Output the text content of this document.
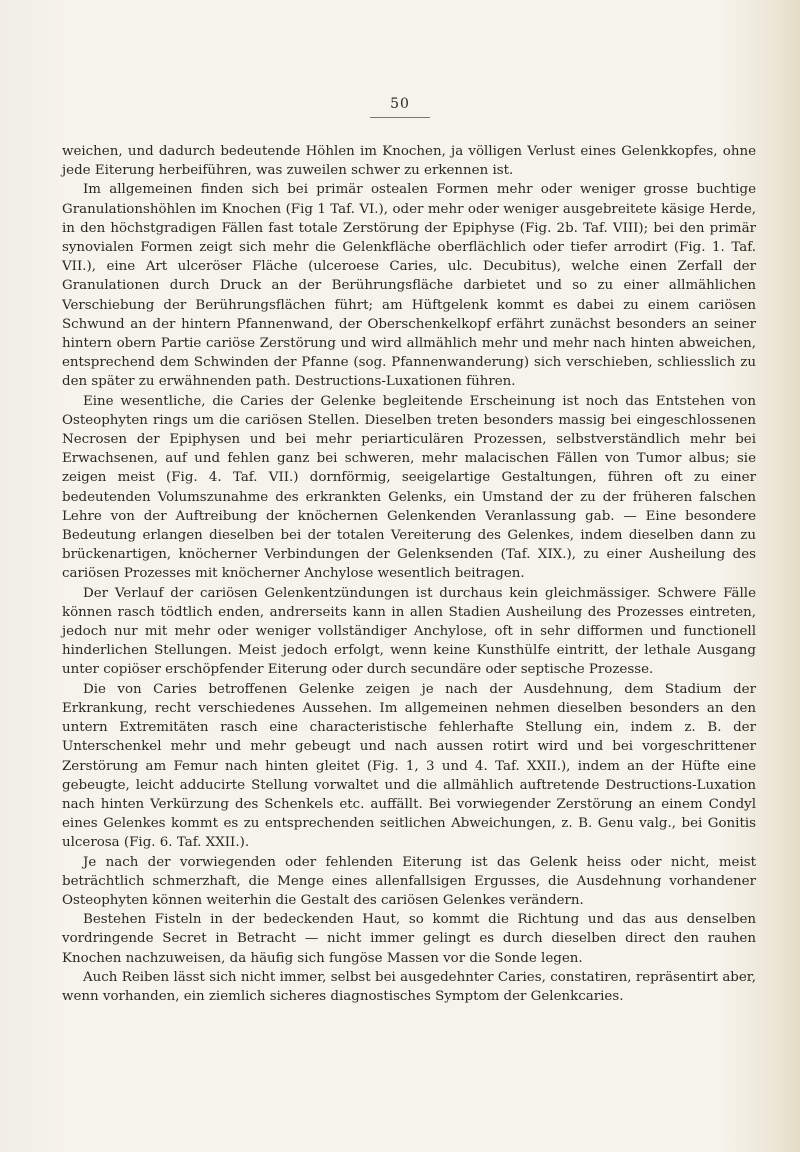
50

weichen, und dadurch bedeutende Höhlen im Knochen, ja völligen Verlust eines Gelenkkopfes, ohne jede Eiterung herbeiführen, was zuweilen schwer zu erkennen ist.

Im allgemeinen finden sich bei primär ostealen Formen mehr oder weniger grosse buchtige Granulationshöhlen im Knochen (Fig 1 Taf. VI.), oder mehr oder weniger ausgebreitete käsige Herde, in den höchstgradigen Fällen fast totale Zerstörung der Epiphyse (Fig. 2b. Taf. VIII); bei den primär synovialen Formen zeigt sich mehr die Gelenkfläche oberflächlich oder tiefer arrodirt (Fig. 1. Taf. VII.), eine Art ulceröser Fläche (ulceroese Caries, ulc. Decubitus), welche einen Zerfall der Granulationen durch Druck an der Berührungsfläche darbietet und so zu einer allmählichen Verschiebung der Berührungsflächen führt; am Hüftgelenk kommt es dabei zu einem cariösen Schwund an der hintern Pfannenwand, der Oberschenkelkopf erfährt zunächst besonders an seiner hintern obern Partie cariöse Zerstörung und wird allmählich mehr und mehr nach hinten abweichen, entsprechend dem Schwinden der Pfanne (sog. Pfannenwanderung) sich verschieben, schliesslich zu den später zu erwähnenden path. Destructions-Luxationen führen.

Eine wesentliche, die Caries der Gelenke begleitende Erscheinung ist noch das Entstehen von Osteophyten rings um die cariösen Stellen. Dieselben treten besonders massig bei eingeschlossenen Necrosen der Epiphysen und bei mehr periarticulären Prozessen, selbstverständlich mehr bei Erwachsenen, auf und fehlen ganz bei schweren, mehr malacischen Fällen von Tumor albus; sie zeigen meist (Fig. 4. Taf. VII.) dornförmig, seeigelartige Gestaltungen, führen oft zu einer bedeutenden Volumszunahme des erkrankten Gelenks, ein Umstand der zu der früheren falschen Lehre von der Auftreibung der knöchernen Gelenkenden Veranlassung gab. — Eine besondere Bedeutung erlangen dieselben bei der totalen Vereiterung des Gelenkes, indem dieselben dann zu brückenartigen, knöcherner Verbindungen der Gelenksenden (Taf. XIX.), zu einer Ausheilung des cariösen Prozesses mit knöcherner Anchylose wesentlich beitragen.

Der Verlauf der cariösen Gelenkentzündungen ist durchaus kein gleichmässiger. Schwere Fälle können rasch tödtlich enden, andrerseits kann in allen Stadien Ausheilung des Prozesses eintreten, jedoch nur mit mehr oder weniger vollständiger Anchylose, oft in sehr difformen und functionell hinderlichen Stellungen. Meist jedoch erfolgt, wenn keine Kunsthülfe eintritt, der lethale Ausgang unter copiöser erschöpfender Eiterung oder durch secundäre oder septische Prozesse.

Die von Caries betroffenen Gelenke zeigen je nach der Ausdehnung, dem Stadium der Erkrankung, recht verschiedenes Aussehen. Im allgemeinen nehmen dieselben besonders an den untern Extremitäten rasch eine characteristische fehlerhafte Stellung ein, indem z. B. der Unterschenkel mehr und mehr gebeugt und nach aussen rotirt wird und bei vorgeschrittener Zerstörung am Femur nach hinten gleitet (Fig. 1, 3 und 4. Taf. XXII.), indem an der Hüfte eine gebeugte, leicht adducirte Stellung vorwaltet und die allmählich auftretende Destructions-Luxation nach hinten Verkürzung des Schenkels etc. auffällt. Bei vorwiegender Zerstörung an einem Condyl eines Gelenkes kommt es zu entsprechenden seitlichen Abweichungen, z. B. Genu valg., bei Gonitis ulcerosa (Fig. 6. Taf. XXII.).

Je nach der vorwiegenden oder fehlenden Eiterung ist das Gelenk heiss oder nicht, meist beträchtlich schmerzhaft, die Menge eines allenfallsigen Ergusses, die Ausdehnung vorhandener Osteophyten können weiterhin die Gestalt des cariösen Gelenkes verändern.

Bestehen Fisteln in der bedeckenden Haut, so kommt die Richtung und das aus denselben vordringende Secret in Betracht — nicht immer gelingt es durch dieselben direct den rauhen Knochen nachzuweisen, da häufig sich fungöse Massen vor die Sonde legen.

Auch Reiben lässt sich nicht immer, selbst bei ausgedehnter Caries, constatiren, repräsentirt aber, wenn vorhanden, ein ziemlich sicheres diagnostisches Symptom der Gelenkcaries.
